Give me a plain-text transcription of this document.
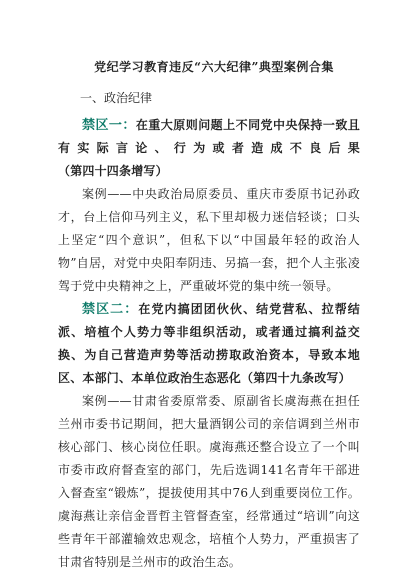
党纪学习教育违反“六大纪律”典型案例合集
一、政治纪律

禁区一：在重大原则问题上不同党中央保持一致且有实际言论、行为或者造成不良后果（第四十四条增写）

案例——中央政治局原委员、重庆市委原书记孙政才，台上信仰马列主义，私下里却极力迷信轻谈；口头上坚定“四个意识”，但私下以“中国最年轻的政治人物”自居，对党中央阳奉阴违、另搞一套，把个人主张凌驾于党中央精神之上，严重破坏党的集中统一领导。

禁区二：在党内搞团团伙伙、结党营私、拉帮结派、培植个人势力等非组织活动，或者通过搞利益交换、为自己营造声势等活动捞取政治资本，导致本地区、本部门、本单位政治生态恶化（第四十九条改写）

案例——甘肃省委原常委、原副省长虞海燕在担任兰州市委书记期间，把大量酒钢公司的亲信调到兰州市核心部门、核心岗位任职。虞海燕还整合设立了一个叫市委市政府督查室的部门，先后选调141名青年干部进入督查室“锻炼”，提拔使用其中76人到重要岗位工作。虞海燕让亲信金晋哲主管督查室，经常通过“培训”向这些青年干部灌输效忠观念，培植个人势力，严重损害了甘肃省特别是兰州市的政治生态。
